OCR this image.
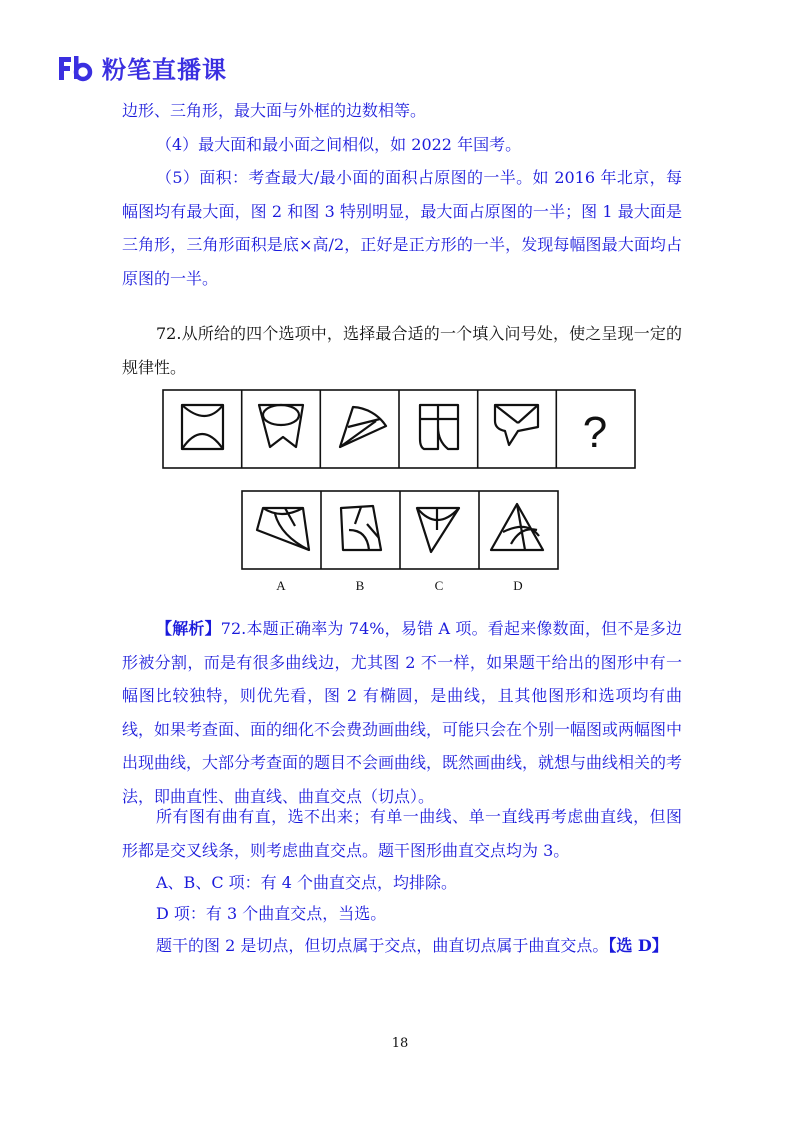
粉笔直播课

边形、三角形，最大面与外框的边数相等。

（4）最大面和最小面之间相似，如 2022 年国考。

（5）面积：考查最大/最小面的面积占原图的一半。如 2016 年北京，每幅图均有最大面，图 2 和图 3 特别明显，最大面占原图的一半；图 1 最大面是三角形，三角形面积是底×高/2，正好是正方形的一半，发现每幅图最大面均占原图的一半。

72.从所给的四个选项中，选择最合适的一个填入问号处，使之呈现一定的规律性。

?
A	B	C	D

【解析】72.本题正确率为 74%，易错 A 项。看起来像数面，但不是多边形被分割，而是有很多曲线边，尤其图 2 不一样，如果题干给出的图形中有一幅图比较独特，则优先看，图 2 有椭圆，是曲线，且其他图形和选项均有曲线，如果考查面、面的细化不会费劲画曲线，可能只会在个别一幅图或两幅图中出现曲线，大部分考查面的题目不会画曲线，既然画曲线，就想与曲线相关的考法，即曲直性、曲直线、曲直交点（切点）。

所有图有曲有直，选不出来；有单一曲线、单一直线再考虑曲直线，但图形都是交叉线条，则考虑曲直交点。题干图形曲直交点均为 3。

A、B、C 项：有 4 个曲直交点，均排除。

D 项：有 3 个曲直交点，当选。

题干的图 2 是切点，但切点属于交点，曲直切点属于曲直交点。【选 D】

18
